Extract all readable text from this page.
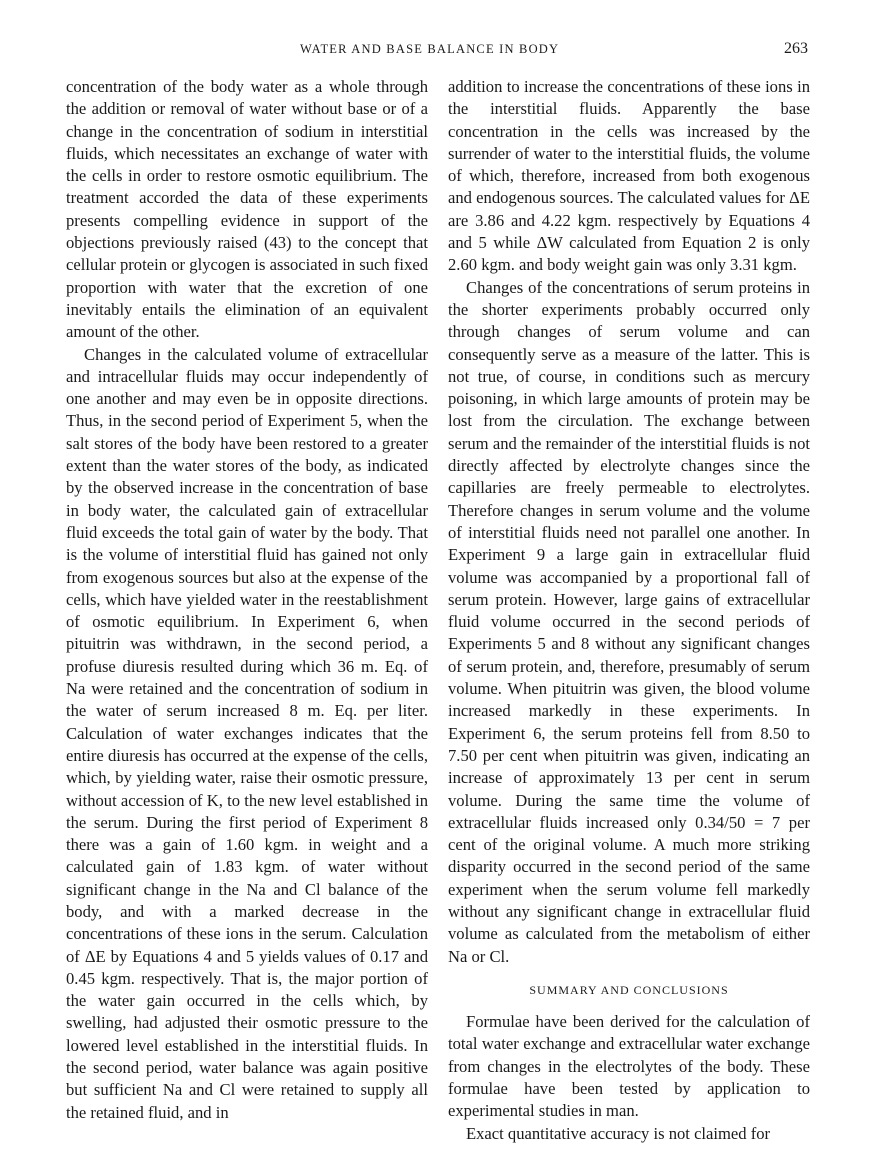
WATER AND BASE BALANCE IN BODY	263

concentration of the body water as a whole through the addition or removal of water without base or of a change in the concentration of sodium in interstitial fluids, which necessitates an exchange of water with the cells in order to restore osmotic equilibrium. The treatment accorded the data of these experiments presents compelling evidence in support of the objections previously raised (43) to the concept that cellular protein or glycogen is associated in such fixed proportion with water that the excretion of one inevitably entails the elimination of an equivalent amount of the other.

Changes in the calculated volume of extracellular and intracellular fluids may occur independently of one another and may even be in opposite directions. Thus, in the second period of Experiment 5, when the salt stores of the body have been restored to a greater extent than the water stores of the body, as indicated by the observed increase in the concentration of base in body water, the calculated gain of extracellular fluid exceeds the total gain of water by the body. That is the volume of interstitial fluid has gained not only from exogenous sources but also at the expense of the cells, which have yielded water in the reestablishment of osmotic equilibrium. In Experiment 6, when pituitrin was withdrawn, in the second period, a profuse diuresis resulted during which 36 m. Eq. of Na were retained and the concentration of sodium in the water of serum increased 8 m. Eq. per liter. Calculation of water exchanges indicates that the entire diuresis has occurred at the expense of the cells, which, by yielding water, raise their osmotic pressure, without accession of K, to the new level established in the serum. During the first period of Experiment 8 there was a gain of 1.60 kgm. in weight and a calculated gain of 1.83 kgm. of water without significant change in the Na and Cl balance of the body, and with a marked decrease in the concentrations of these ions in the serum. Calculation of ΔE by Equations 4 and 5 yields values of 0.17 and 0.45 kgm. respectively. That is, the major portion of the water gain occurred in the cells which, by swelling, had adjusted their osmotic pressure to the lowered level established in the interstitial fluids. In the second period, water balance was again positive but sufficient Na and Cl were retained to supply all the retained fluid, and in

addition to increase the concentrations of these ions in the interstitial fluids. Apparently the base concentration in the cells was increased by the surrender of water to the interstitial fluids, the volume of which, therefore, increased from both exogenous and endogenous sources. The calculated values for ΔE are 3.86 and 4.22 kgm. respectively by Equations 4 and 5 while ΔW calculated from Equation 2 is only 2.60 kgm. and body weight gain was only 3.31 kgm.

Changes of the concentrations of serum proteins in the shorter experiments probably occurred only through changes of serum volume and can consequently serve as a measure of the latter. This is not true, of course, in conditions such as mercury poisoning, in which large amounts of protein may be lost from the circulation. The exchange between serum and the remainder of the interstitial fluids is not directly affected by electrolyte changes since the capillaries are freely permeable to electrolytes. Therefore changes in serum volume and the volume of interstitial fluids need not parallel one another. In Experiment 9 a large gain in extracellular fluid volume was accompanied by a proportional fall of serum protein. However, large gains of extracellular fluid volume occurred in the second periods of Experiments 5 and 8 without any significant changes of serum protein, and, therefore, presumably of serum volume. When pituitrin was given, the blood volume increased markedly in these experiments. In Experiment 6, the serum proteins fell from 8.50 to 7.50 per cent when pituitrin was given, indicating an increase of approximately 13 per cent in serum volume. During the same time the volume of extracellular fluids increased only 0.34/50 = 7 per cent of the original volume. A much more striking disparity occurred in the second period of the same experiment when the serum volume fell markedly without any significant change in extracellular fluid volume as calculated from the metabolism of either Na or Cl.

SUMMARY AND CONCLUSIONS

Formulae have been derived for the calculation of total water exchange and extracellular water exchange from changes in the electrolytes of the body. These formulae have been tested by application to experimental studies in man.

Exact quantitative accuracy is not claimed for
